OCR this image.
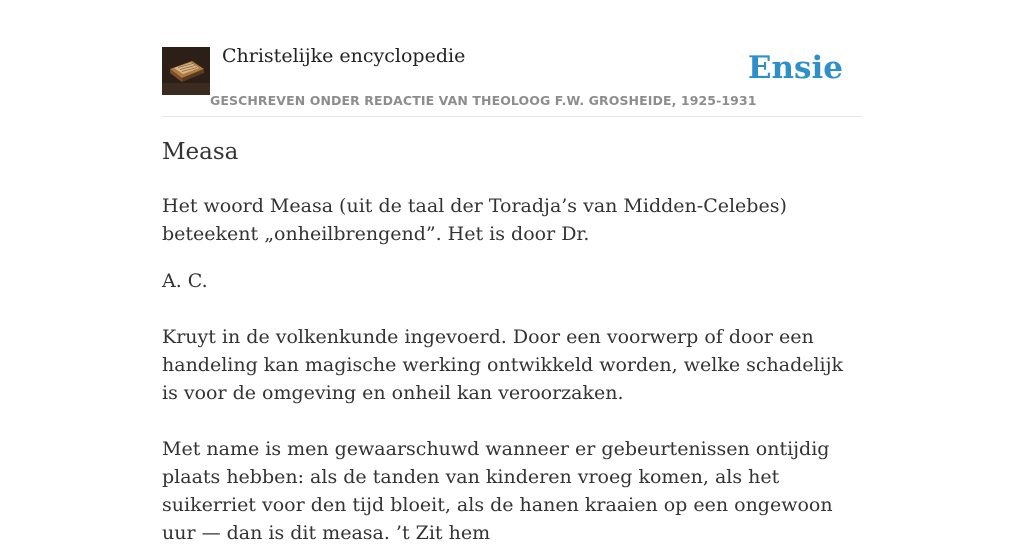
Christelijke encyclopedie
GESCHREVEN ONDER REDACTIE VAN THEOLOOG F.W. GROSHEIDE, 1925-1931
Ensie
Measa

Het woord Measa (uit de taal der Toradja’s van Midden-Celebes) beteekent „onheilbrengend”. Het is door Dr.

A. C.

Kruyt in de volkenkunde ingevoerd. Door een voorwerp of door een handeling kan magische werking ontwikkeld worden, welke schadelijk is voor de omgeving en onheil kan veroorzaken.

Met name is men gewaarschuwd wanneer er gebeurtenissen ontijdig plaats hebben: als de tanden van kinderen vroeg komen, als het suikerriet voor den tijd bloeit, als de hanen kraaien op een ongewoon uur — dan is dit measa. ’t Zit hem
